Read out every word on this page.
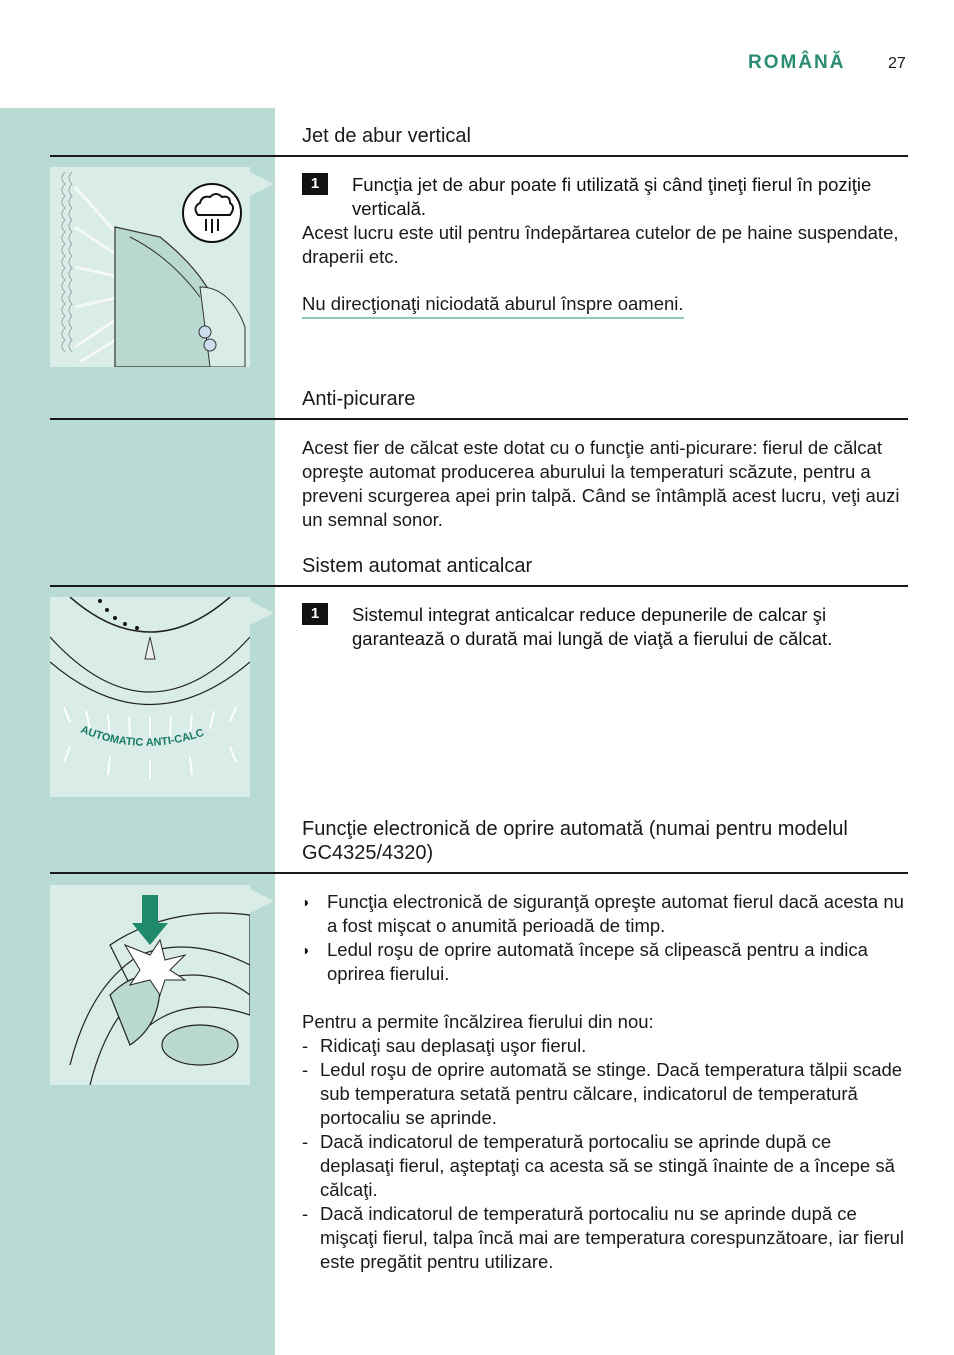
ROMÂNĂ	27
Jet de abur vertical
1	Funcţia jet de abur poate fi utilizată şi când ţineţi fierul în poziţie verticală.
Acest lucru este util pentru îndepărtarea cutelor de pe haine suspendate, draperii etc.
Nu direcţionaţi niciodată aburul înspre oameni.
Anti-picurare
Acest fier de călcat este dotat cu o funcţie anti-picurare: fierul de călcat opreşte automat producerea aburului la temperaturi scăzute, pentru a preveni scurgerea apei prin talpă. Când se întâmplă acest lucru, veţi auzi un semnal sonor.
Sistem automat anticalcar
AUTOMATIC ANTI-CALC
1	Sistemul integrat anticalcar reduce depunerile de calcar şi garantează o durată mai lungă de viaţă a fierului de călcat.
Funcţie electronică de oprire automată (numai pentru modelul GC4325/4320)
◗ Funcţia electronică de siguranţă opreşte automat fierul dacă acesta nu a fost mişcat o anumită perioadă de timp.
◗ Ledul roşu de oprire automată începe să clipească pentru a indica oprirea fierului.
Pentru a permite încălzirea fierului din nou:
- Ridicaţi sau deplasaţi uşor fierul.
- Ledul roşu de oprire automată se stinge. Dacă temperatura tălpii scade sub temperatura setată pentru călcare, indicatorul de temperatură portocaliu se aprinde.
- Dacă indicatorul de temperatură portocaliu se aprinde după ce deplasaţi fierul, aşteptaţi ca acesta să se stingă înainte de a începe să călcaţi.
- Dacă indicatorul de temperatură portocaliu nu se aprinde după ce mişcaţi fierul, talpa încă mai are temperatura corespunzătoare, iar fierul este pregătit pentru utilizare.
